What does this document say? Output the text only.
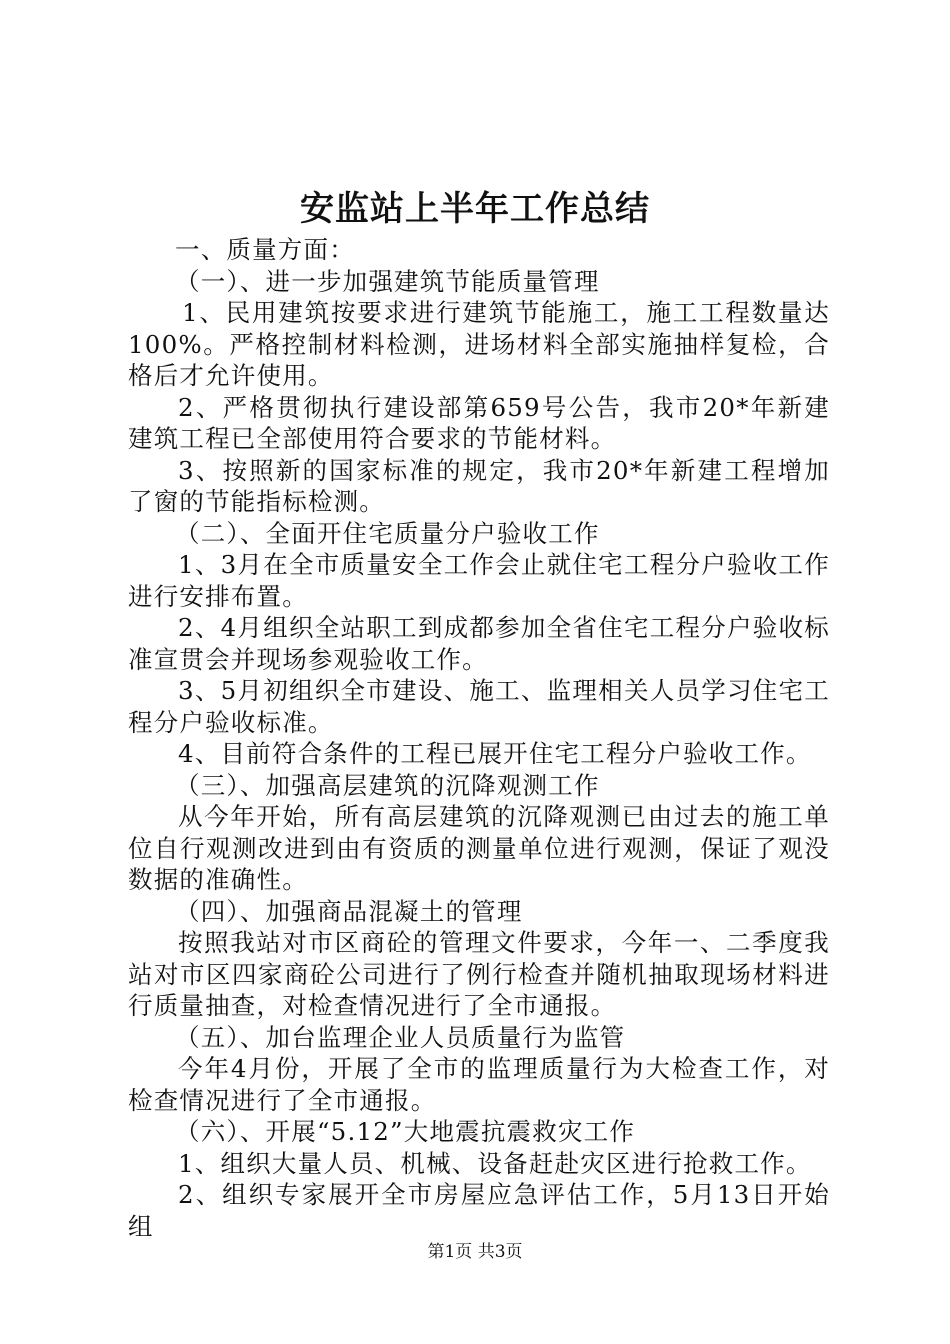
安监站上半年工作总结

一、质量方面：

（一）、进一步加强建筑节能质量管理

1、民用建筑按要求进行建筑节能施工，施工工程数量达100%。严格控制材料检测，进场材料全部实施抽样复检，合格后才允许使用。

2、严格贯彻执行建设部第659号公告，我市20*年新建建筑工程已全部使用符合要求的节能材料。

3、按照新的国家标准的规定，我市20*年新建工程增加了窗的节能指标检测。

（二）、全面开住宅质量分户验收工作

1、3月在全市质量安全工作会止就住宅工程分户验收工作进行安排布置。

2、4月组织全站职工到成都参加全省住宅工程分户验收标准宣贯会并现场参观验收工作。

3、5月初组织全市建设、施工、监理相关人员学习住宅工程分户验收标准。

4、目前符合条件的工程已展开住宅工程分户验收工作。

（三）、加强高层建筑的沉降观测工作

从今年开始，所有高层建筑的沉降观测已由过去的施工单位自行观测改进到由有资质的测量单位进行观测，保证了观没数据的准确性。

（四）、加强商品混凝土的管理

按照我站对市区商砼的管理文件要求，今年一、二季度我站对市区四家商砼公司进行了例行检查并随机抽取现场材料进行质量抽查，对检查情况进行了全市通报。

（五）、加台监理企业人员质量行为监管

今年4月份，开展了全市的监理质量行为大检查工作，对检查情况进行了全市通报。

（六）、开展“5.12”大地震抗震救灾工作

1、组织大量人员、机械、设备赶赴灾区进行抢救工作。

2、组织专家展开全市房屋应急评估工作，5月13日开始组

第1页 共3页
